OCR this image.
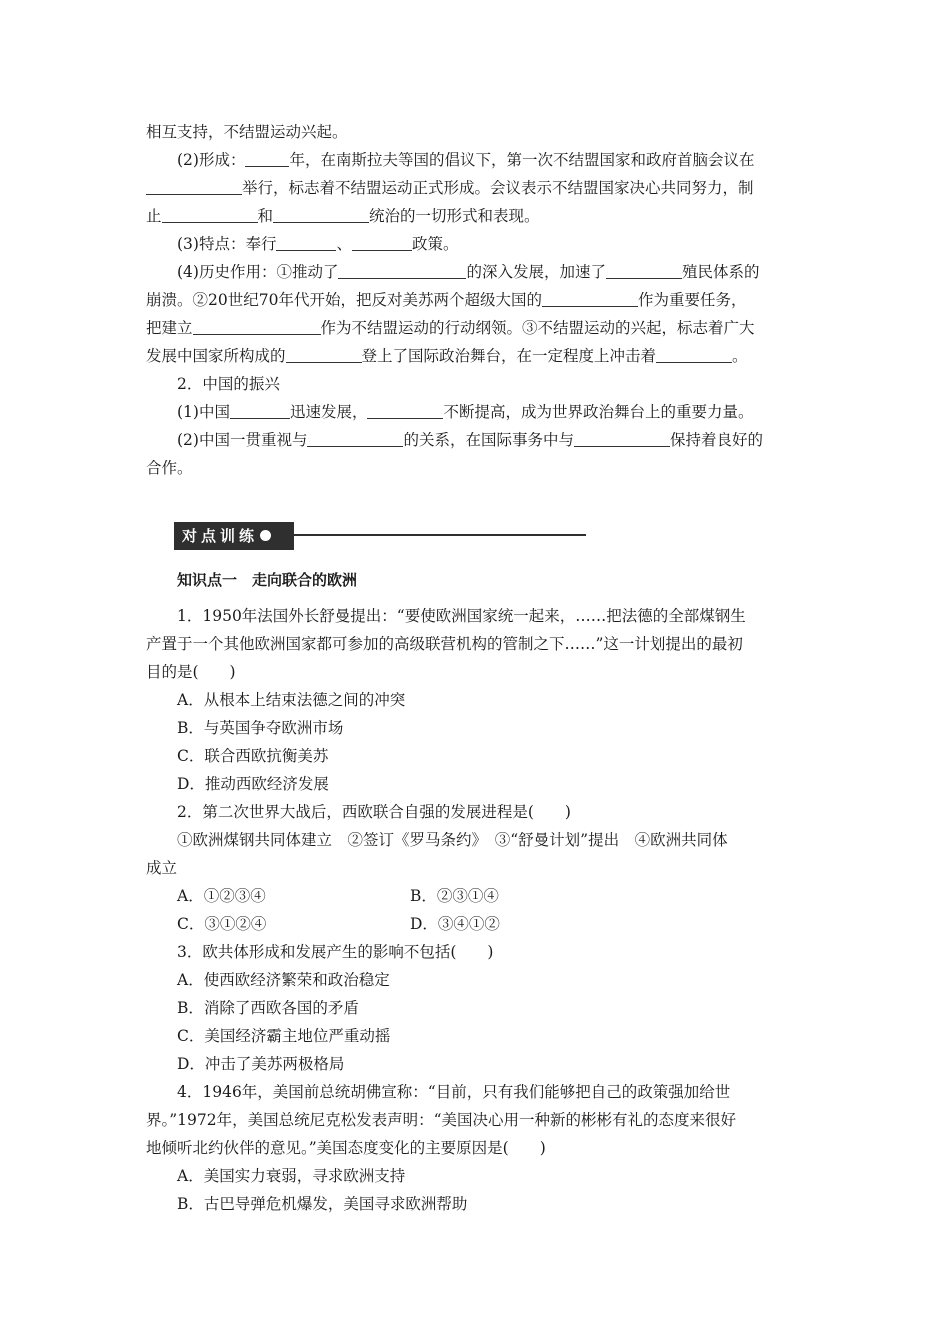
相互支持，不结盟运动兴起。
(2)形成：	年，在南斯拉夫等国的倡议下，第一次不结盟国家和政府首脑会议在
举行，标志着不结盟运动正式形成。会议表示不结盟国家决心共同努力，制
止	和	统治的一切形式和表现。
(3)特点：奉行	、	政策。
(4)历史作用：①推动了	的深入发展，加速了	殖民体系的
崩溃。②20世纪70年代开始，把反对美苏两个超级大国的	作为重要任务，
把建立	作为不结盟运动的行动纲领。③不结盟运动的兴起，标志着广大
发展中国家所构成的	登上了国际政治舞台，在一定程度上冲击着	。
2．中国的振兴
(1)中国	迅速发展，	不断提高，成为世界政治舞台上的重要力量。
(2)中国一贯重视与	的关系，在国际事务中与	保持着良好的
合作。
对点训练
知识点一　走向联合的欧洲
1．1950年法国外长舒曼提出：“要使欧洲国家统一起来，……把法德的全部煤钢生
产置于一个其他欧洲国家都可参加的高级联营机构的管制之下……”这一计划提出的最初
目的是(　　)
A．从根本上结束法德之间的冲突
B．与英国争夺欧洲市场
C．联合西欧抗衡美苏
D．推动西欧经济发展
2．第二次世界大战后，西欧联合自强的发展进程是(　　)
①欧洲煤钢共同体建立　②签订《罗马条约》　③“舒曼计划”提出　④欧洲共同体
成立
A．①②③④	B．②③①④
C．③①②④	D．③④①②
3．欧共体形成和发展产生的影响不包括(　　)
A．使西欧经济繁荣和政治稳定
B．消除了西欧各国的矛盾
C．美国经济霸主地位严重动摇
D．冲击了美苏两极格局
4．1946年，美国前总统胡佛宣称：“目前，只有我们能够把自己的政策强加给世
界。”1972年，美国总统尼克松发表声明：“美国决心用一种新的彬彬有礼的态度来很好
地倾听北约伙伴的意见。”美国态度变化的主要原因是(　　)
A．美国实力衰弱，寻求欧洲支持
B．古巴导弹危机爆发，美国寻求欧洲帮助
